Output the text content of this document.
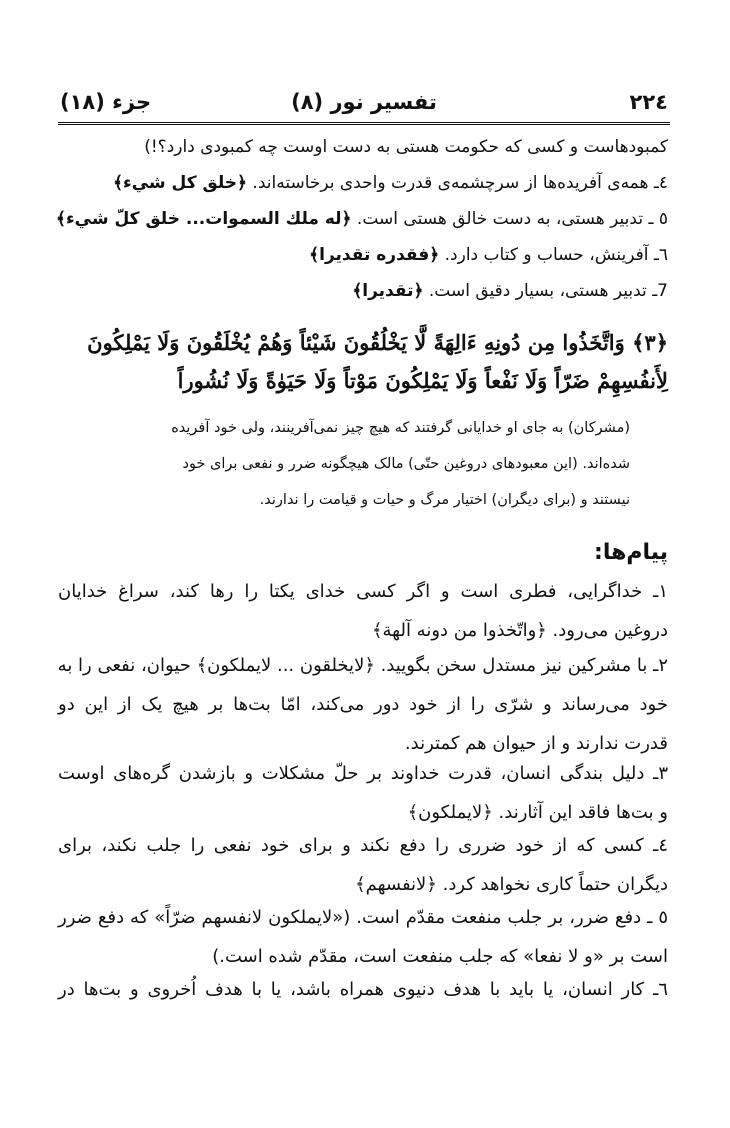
۲۲٤
تفسیر نور (۸)
جزء (۱۸)
کمبودهاست و کسی که حکومت هستی به دست اوست چه کمبودی دارد؟!)
٤ـ همه‌ی آفریده‌ها از سرچشمه‌ی قدرت واحدی برخاسته‌اند. ﴿خلق كل شيء﴾
٥ ـ تدبیر هستی، به دست خالق هستی است. ﴿له ملك السموات... خلق كلّ شيء﴾
٦ـ آفرینش، حساب و کتاب دارد. ﴿فقدره تقديرا﴾
7ـ تدبیر هستی، بسیار دقیق است. ﴿تقديرا﴾
﴿۳﴾ وَاتَّخَذُوا مِن دُونِهِ ءَالِهَةً لَّا يَخْلُقُونَ شَيْئاً وَهُمْ يُخْلَقُونَ وَلَا يَمْلِكُونَ
لِأَنفُسِهِمْ ضَرّاً وَلَا نَفْعاً وَلَا يَمْلِكُونَ مَوْتاً وَلَا حَيَوٰةً وَلَا نُشُوراً
(مشرکان) به جای او خدایانی گرفتند که هیچ چیز نمی‌آفرینند، ولی خود آفریده
شده‌اند. (این معبودهای دروغین حتّی) مالک هیچگونه ضرر و نفعی برای خود
نیستند و (برای دیگران) اختیار مرگ و حیات و قیامت را ندارند.
پیام‌ها:
۱ـ خداگرایی، فطری است و اگر کسی خدای یکتا را رها کند، سراغ خدایان
دروغین می‌رود. ﴿واتّخذوا من دونه آلهة﴾
۲ـ با مشرکین نیز مستدل سخن بگویید. ﴿لايخلقون ... لايملكون﴾ حیوان، نفعی را به
خود می‌رساند و شرّی را از خود دور می‌کند، امّا بت‌ها بر هیچ یک از این دو
قدرت ندارند و از حیوان هم کمترند.
۳ـ دلیل بندگی انسان، قدرت خداوند بر حلّ مشکلات و بازشدن گره‌های اوست
و بت‌ها فاقد این آثارند. ﴿لايملكون﴾
٤ـ کسی که از خود ضرری را دفع نکند و برای خود نفعی را جلب نکند، برای
دیگران حتماً کاری نخواهد کرد. ﴿لانفسهم﴾
٥ ـ دفع ضرر، بر جلب منفعت مقدّم است. («لايملكون لانفسهم ضرّاً» که دفع ضرر
است بر «و لا نفعا» که جلب منفعت است، مقدّم شده است.)
٦ـ کار انسان، یا باید با هدف دنیوی همراه باشد، یا با هدف اُخروی و بت‌ها در
